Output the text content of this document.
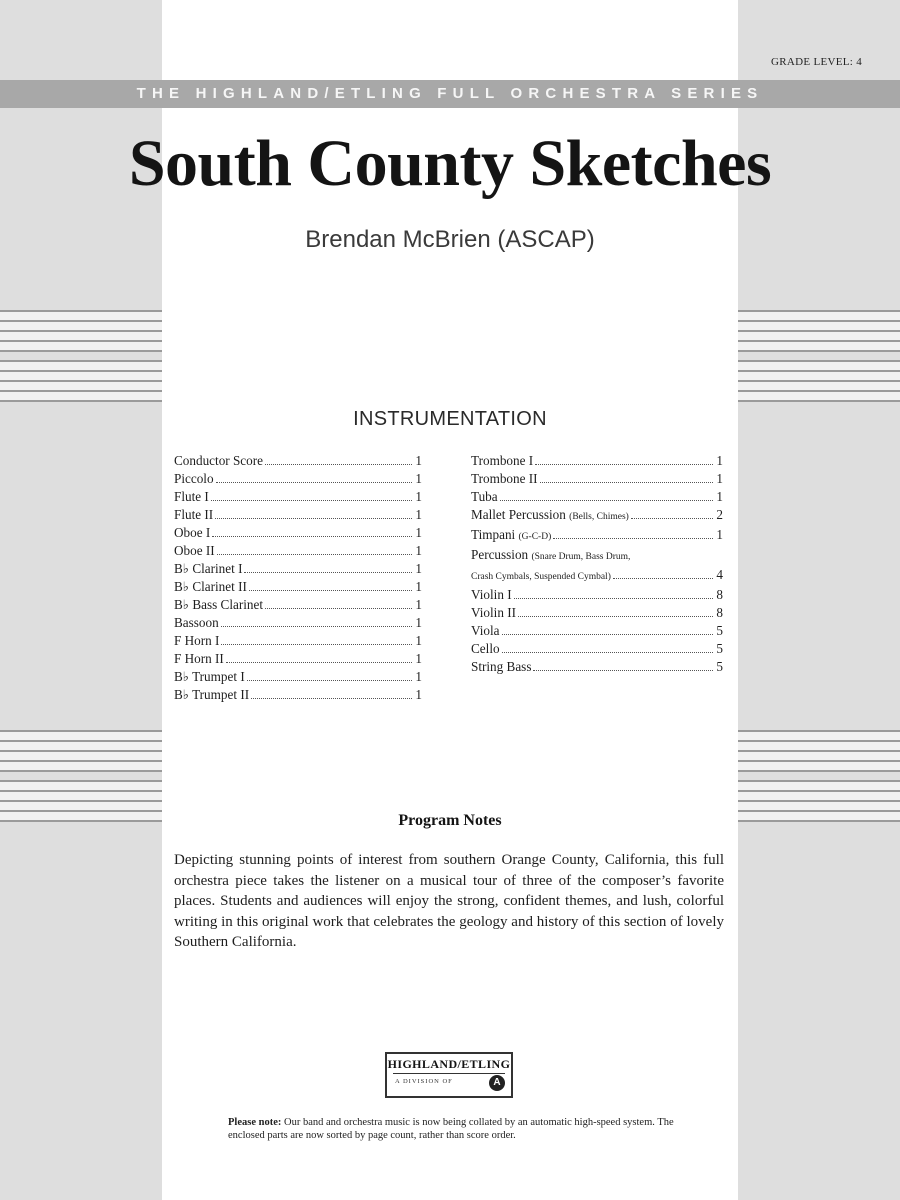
GRADE LEVEL: 4
THE HIGHLAND/ETLING FULL ORCHESTRA SERIES
South County Sketches
Brendan McBrien (ASCAP)
INSTRUMENTATION
Conductor Score	1
Piccolo	1
Flute I	1
Flute II	1
Oboe I	1
Oboe II	1
B♭ Clarinet I	1
B♭ Clarinet II	1
B♭ Bass Clarinet	1
Bassoon	1
F Horn I	1
F Horn II	1
B♭ Trumpet I	1
B♭ Trumpet II	1
Trombone I	1
Trombone II	1
Tuba	1
Mallet Percussion (Bells, Chimes)	2
Timpani (G-C-D)	1
Percussion (Snare Drum, Bass Drum,
Crash Cymbals, Suspended Cymbal)	4
Violin I	8
Violin II	8
Viola	5
Cello	5
String Bass	5
Program Notes
Depicting stunning points of interest from southern Orange County, California, this full orchestra piece takes the listener on a musical tour of three of the composer’s favorite places. Students and audiences will enjoy the strong, confident themes, and lush, colorful writing in this original work that celebrates the geology and history of this section of lovely Southern California.
HIGHLAND/ETLING
A DIVISION OF	A
Please note: Our band and orchestra music is now being collated by an automatic high-speed system. The enclosed parts are now sorted by page count, rather than score order.
